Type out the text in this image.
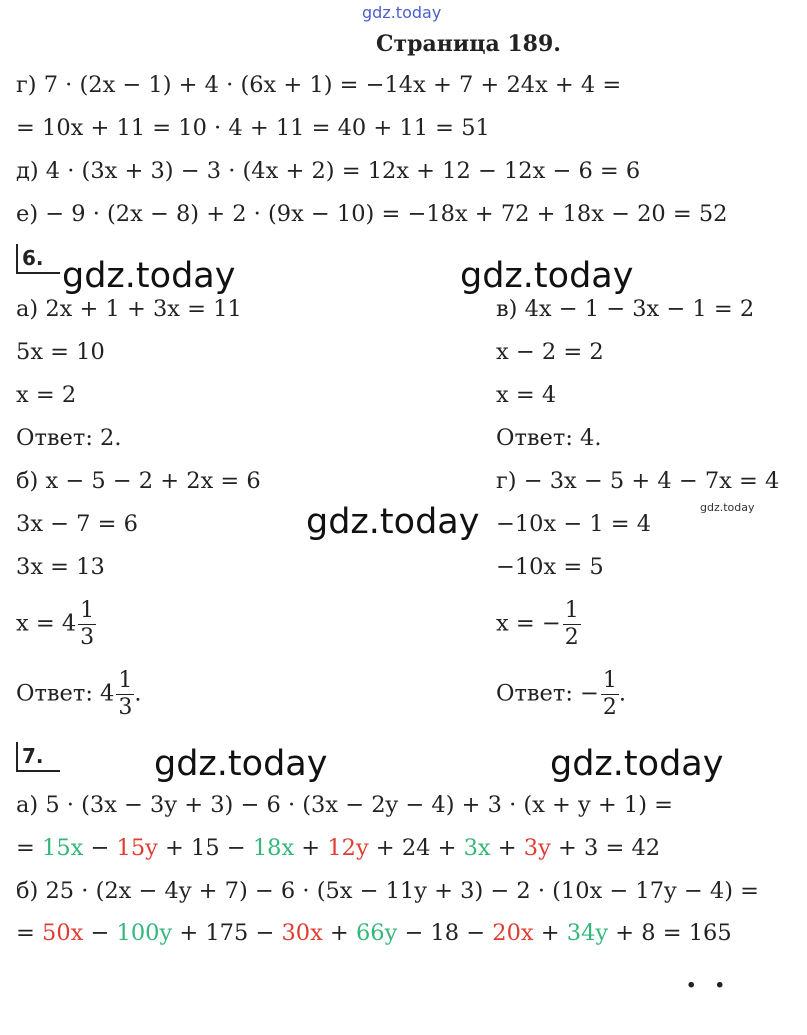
gdz.today
Страница 189.
г) 7 · (2x − 1) + 4 · (6x + 1) = −14x + 7 + 24x + 4 =
= 10x + 11 = 10 · 4 + 11 = 40 + 11 = 51
д) 4 · (3x + 3) − 3 · (4x + 2) = 12x + 12 − 12x − 6 = 6
е) − 9 · (2x − 8) + 2 · (9x − 10) = −18x + 72 + 18x − 20 = 52
6. gdz.today	gdz.today
а) 2x + 1 + 3x = 11
5x = 10
x = 2
Ответ: 2.
в) 4x − 1 − 3x − 1 = 2
x − 2 = 2
x = 4
Ответ: 4.
б) x − 5 − 2 + 2x = 6
3x − 7 = 6
3x = 13
$x = 4 \frac{1}{3}$
Ответ: $4 \frac{1}{3}$ .
gdz.today	gdz.today
г) − 3x − 5 + 4 − 7x = 4
−10x − 1 = 4
−10x = 5
x = − $\frac{1}{2}$
Ответ: − $\frac{1}{2}$ .
7.	gdz.today	gdz.today
а) 5 · (3x − 3y + 3) − 6 · (3x − 2y − 4) + 3 · (x + y + 1) =
= 15x − 15y + 15 − 18x + 12y + 24 + 3x + 3y + 3 = 42
б) 25 · (2x − 4y + 7) − 6 · (5x − 11y + 3) − 2 · (10x − 17y − 4) =
= 50x − 100y + 175 − 30x + 66y − 18 − 20x + 34y + 8 = 165
..
